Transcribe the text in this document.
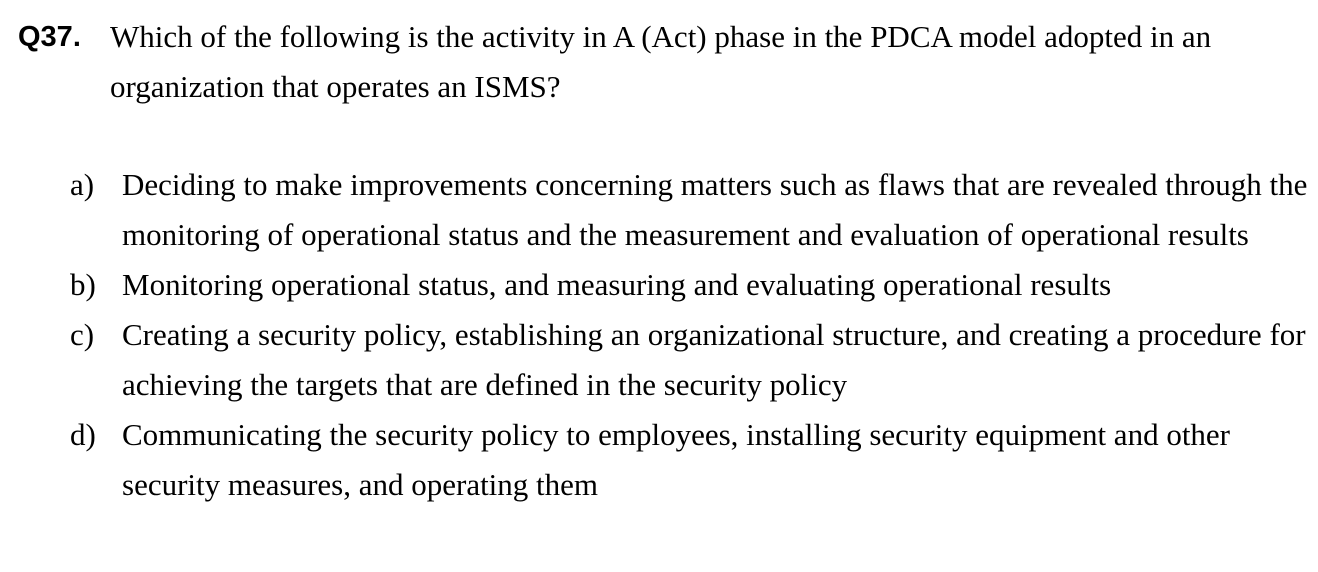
Q37. Which of the following is the activity in A (Act) phase in the PDCA model adopted in an organization that operates an ISMS?
a) Deciding to make improvements concerning matters such as flaws that are revealed through the monitoring of operational status and the measurement and evaluation of operational results
b) Monitoring operational status, and measuring and evaluating operational results
c) Creating a security policy, establishing an organizational structure, and creating a procedure for achieving the targets that are defined in the security policy
d) Communicating the security policy to employees, installing security equipment and other security measures, and operating them
